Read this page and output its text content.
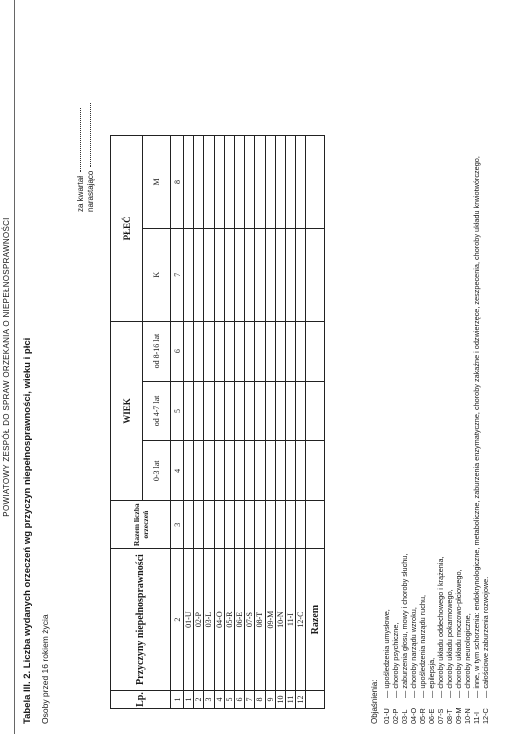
POWIATOWY ZESPÓŁ DO SPRAW ORZEKANIA O NIEPEŁNOSPRAWNOŚCI Tabela III. 2. Liczba wydanych orzeczeń wg przyczyn niepełnosprawności, wieku i płci Osoby przed 16 rokiem życia
za kwartał narastająco
Lp.	Przyczyny niepełnosprawności	Razem liczba orzeczeń	WIEK			PŁEĆ	
			0-3 lat	od 4-7 lat	od 8-16 lat	K	M
1	2	3	4	5	6	7	8
1	01-U						
2	02-P						
3	03-L						
4	04-O						
5	05-R						
6	06-E						
7	07-S						
8	08-T						
9	09-M						
10	10-N						
11	11-I						
12	12-C						
	Razem						
Objaśnienia: 01-U— upośledzenia umysłowe,
02-P— choroby psychiczne,
03-L— zaburzenia głosu, mowy i choroby słuchu,
04-O— choroby narządu wzroku,
05-R— upośledzenia narządu ruchu,
06-E— epilepsja,
07-S— choroby układu oddechowego i krążenia,
08-T— choroby układu pokarmowego,
09-M— choroby układu moczowo-płciowego,
10-N— choroby neurologiczne,
11-I— inne, w tym schorzenia: endokrynologiczne, metaboliczne, zaburzenia enzymatyczne, choroby zakaźne i odzwierzęce, zeszpecenia, choroby układu krwiotwórczego,
12-C— całościowe zaburzenia rozwojowe.
